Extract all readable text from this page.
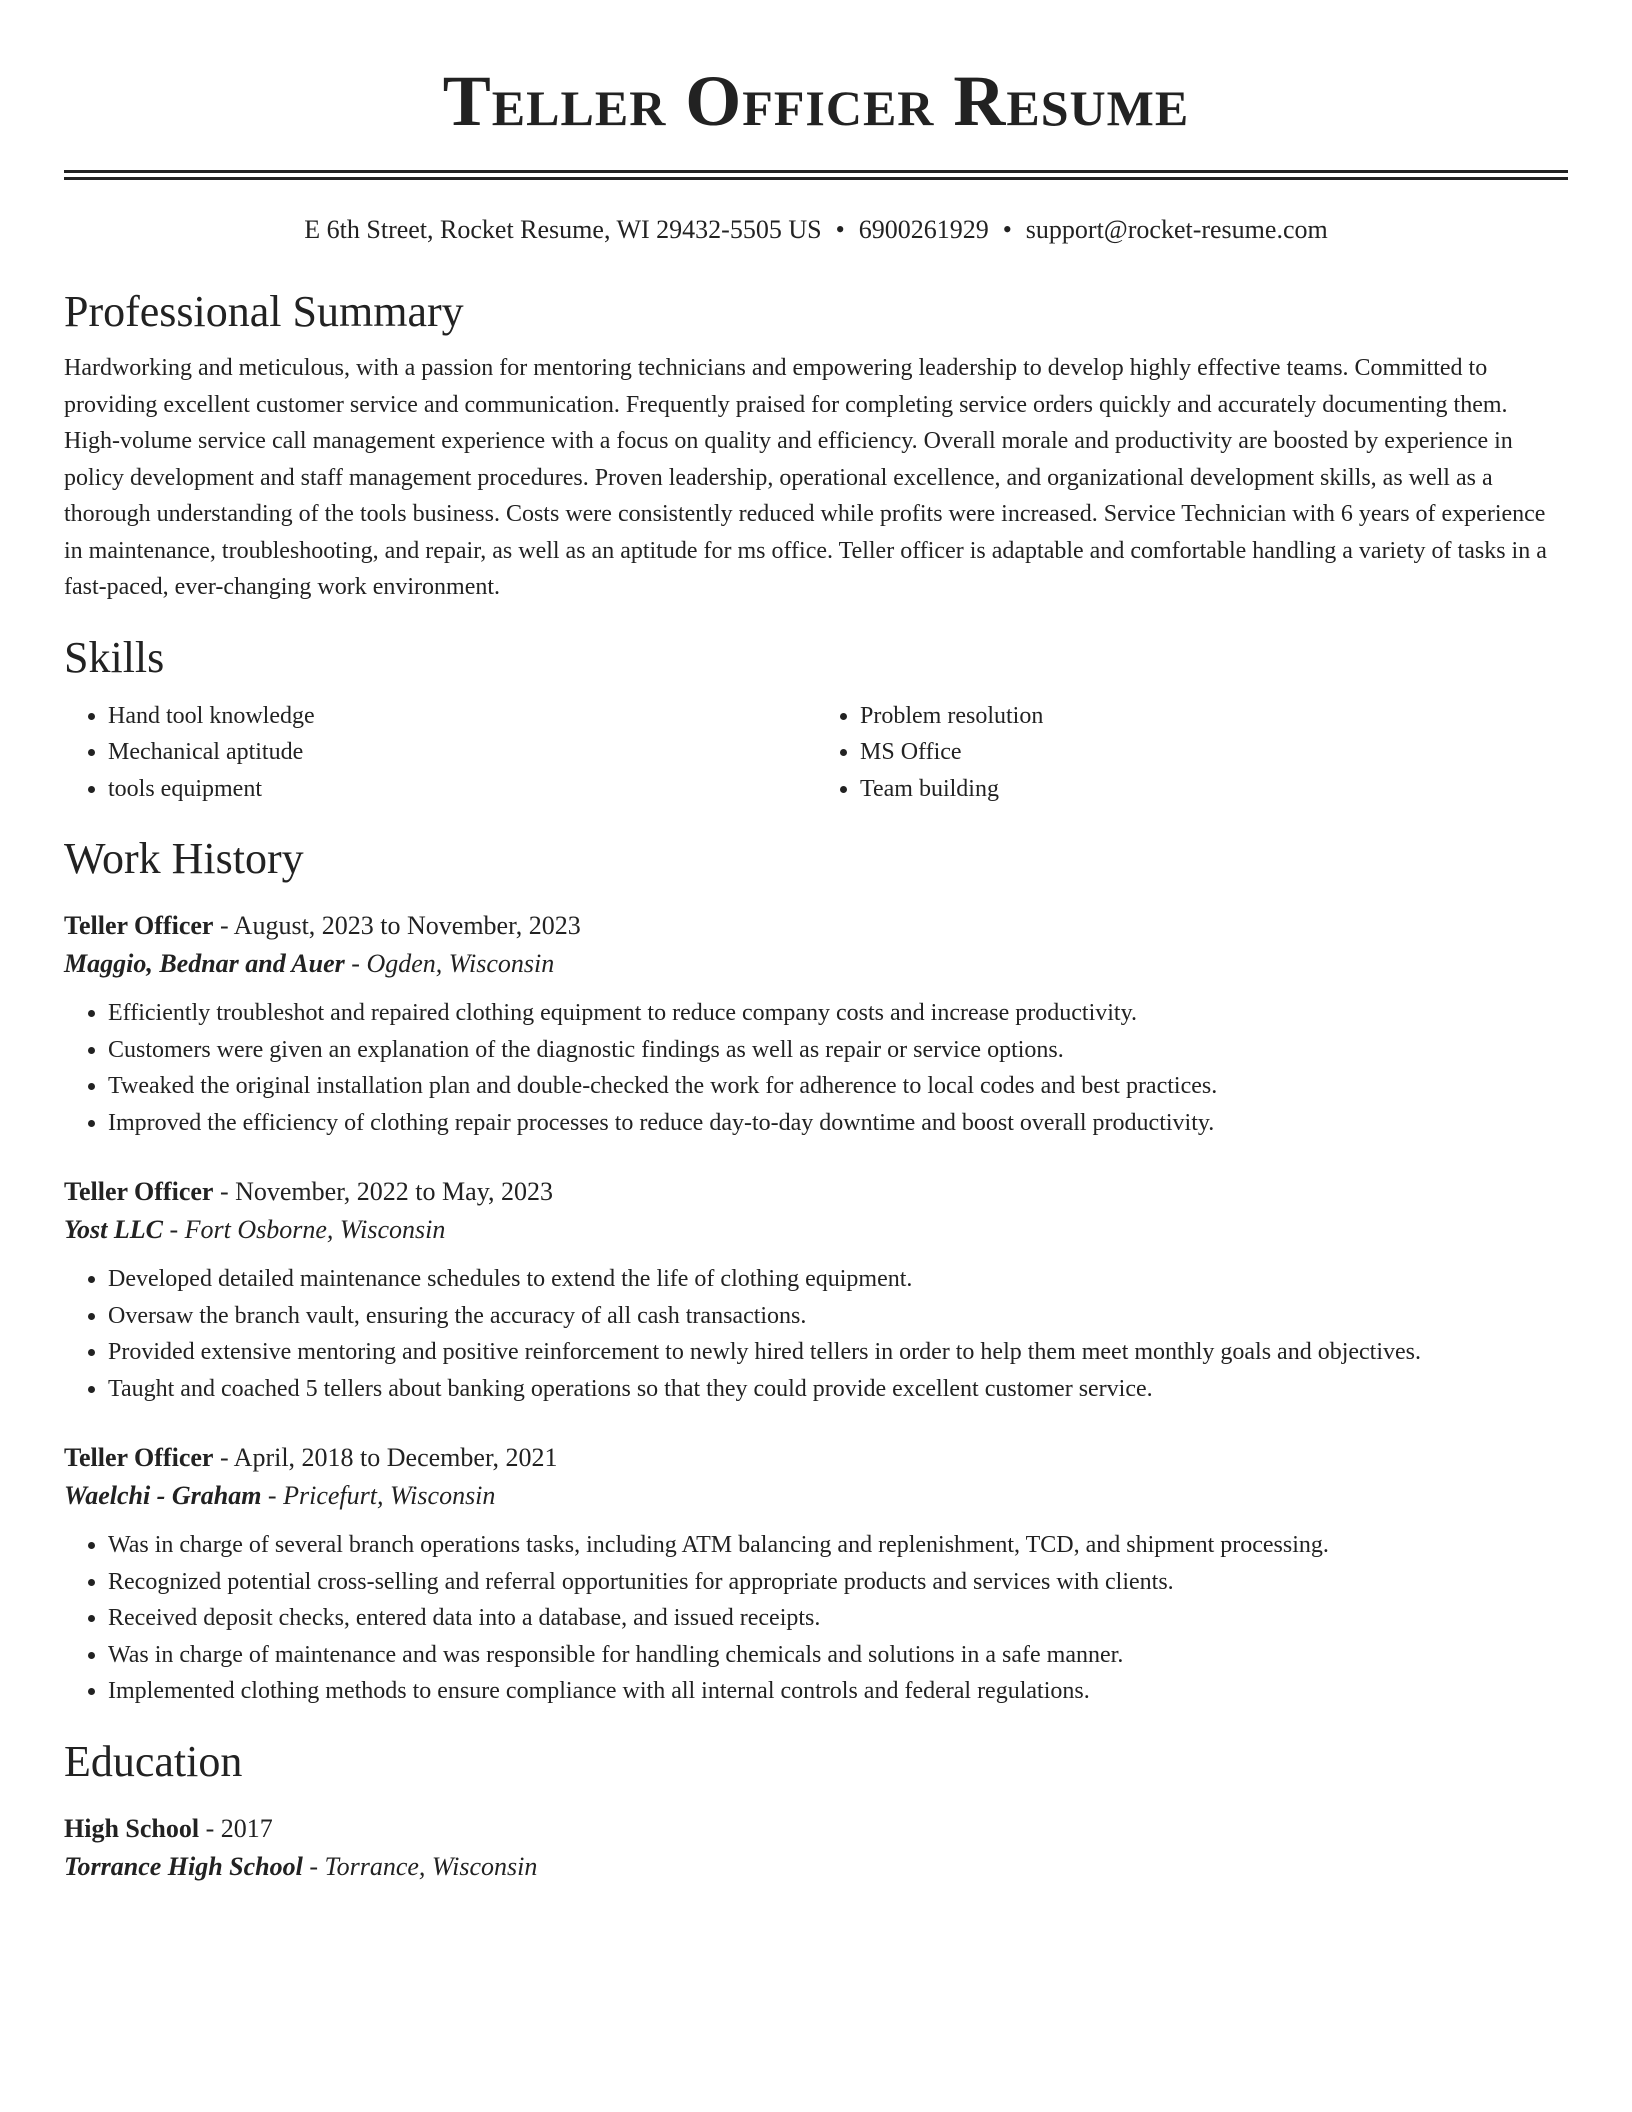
Teller Officer Resume
E 6th Street, Rocket Resume, WI 29432-5505 US • 6900261929 • support@rocket-resume.com
Professional Summary

Hardworking and meticulous, with a passion for mentoring technicians and empowering leadership to develop highly effective teams. Committed to providing excellent customer service and communication. Frequently praised for completing service orders quickly and accurately documenting them. High-volume service call management experience with a focus on quality and efficiency. Overall morale and productivity are boosted by experience in policy development and staff management procedures. Proven leadership, operational excellence, and organizational development skills, as well as a thorough understanding of the tools business. Costs were consistently reduced while profits were increased. Service Technician with 6 years of experience in maintenance, troubleshooting, and repair, as well as an aptitude for ms office. Teller officer is adaptable and comfortable handling a variety of tasks in a fast-paced, ever-changing work environment.

Skills
• Hand tool knowledge
• Mechanical aptitude
• tools equipment
• Problem resolution
• MS Office
• Team building
Work History
Teller Officer - August, 2023 to November, 2023
Maggio, Bednar and Auer - Ogden, Wisconsin
• Efficiently troubleshot and repaired clothing equipment to reduce company costs and increase productivity.
• Customers were given an explanation of the diagnostic findings as well as repair or service options.
• Tweaked the original installation plan and double-checked the work for adherence to local codes and best practices.
• Improved the efficiency of clothing repair processes to reduce day-to-day downtime and boost overall productivity.
Teller Officer - November, 2022 to May, 2023
Yost LLC - Fort Osborne, Wisconsin
• Developed detailed maintenance schedules to extend the life of clothing equipment.
• Oversaw the branch vault, ensuring the accuracy of all cash transactions.
• Provided extensive mentoring and positive reinforcement to newly hired tellers in order to help them meet monthly goals and objectives.
• Taught and coached 5 tellers about banking operations so that they could provide excellent customer service.
Teller Officer - April, 2018 to December, 2021
Waelchi - Graham - Pricefurt, Wisconsin
• Was in charge of several branch operations tasks, including ATM balancing and replenishment, TCD, and shipment processing.
• Recognized potential cross-selling and referral opportunities for appropriate products and services with clients.
• Received deposit checks, entered data into a database, and issued receipts.
• Was in charge of maintenance and was responsible for handling chemicals and solutions in a safe manner.
• Implemented clothing methods to ensure compliance with all internal controls and federal regulations.
Education
High School - 2017
Torrance High School - Torrance, Wisconsin
